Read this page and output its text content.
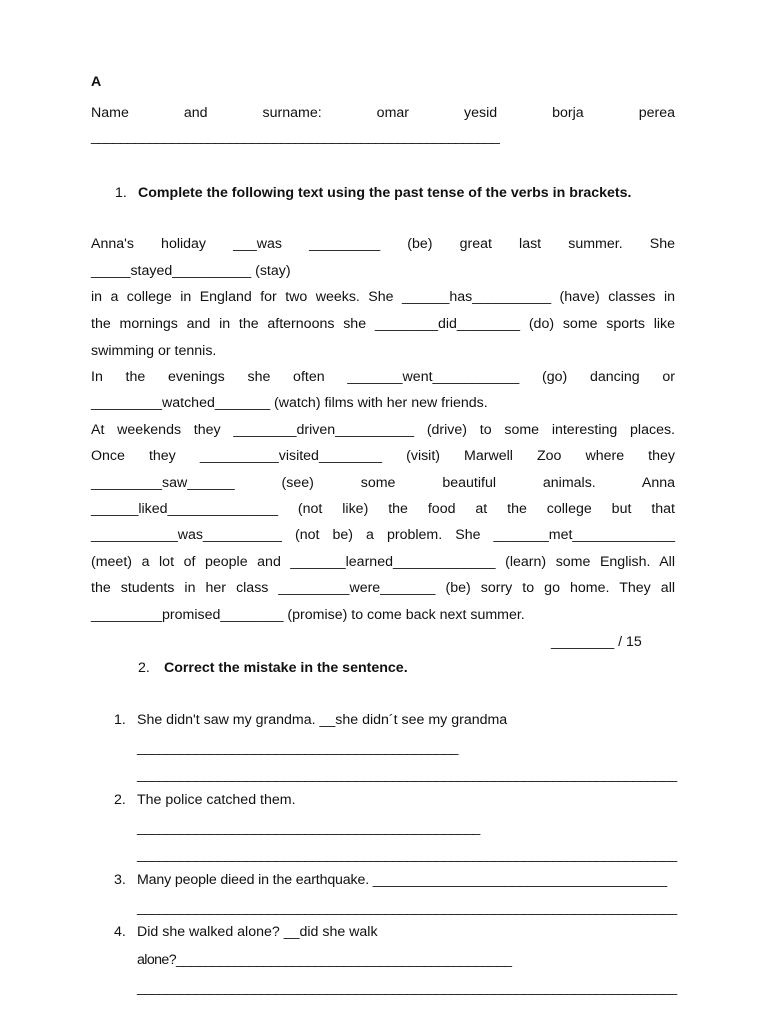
A
Name and surname: omar yesid borja perea
________________________________________________________
1. Complete the following text using the past tense of the verbs in brackets.
Anna's holiday ___was _________ (be) great last summer. She
_____stayed__________ (stay)
in a college in England for two weeks. She ______has__________ (have) classes in
the mornings and in the afternoons she ________did________ (do) some sports like
swimming or tennis.
In the evenings she often _______went___________ (go) dancing or
_________watched_______ (watch) films with her new friends.
At weekends they ________driven__________ (drive) to some interesting places.
Once they __________visited________ (visit) Marwell Zoo where they
_________saw______ (see) some beautiful animals. Anna
______liked______________ (not like) the food at the college but that
___________was__________ (not be) a problem. She _______met_____________
(meet) a lot of people and _______learned_____________ (learn) some English. All
the students in her class _________were_______ (be) sorry to go home. They all
_________promised________ (promise) to come back next summer.
________ / 15
2. Correct the mistake in the sentence.
1. She didn't saw my grandma. __she didn´t see my grandma
____________________________________________
__________________________________________________________________________
2. The police catched them.
_______________________________________________
__________________________________________________________________________
3. Many people dieed in the earthquake. ______________________________________
__________________________________________________________________________
4. Did she walked alone? __did she walk
alone?______________________________________________
__________________________________________________________________________
